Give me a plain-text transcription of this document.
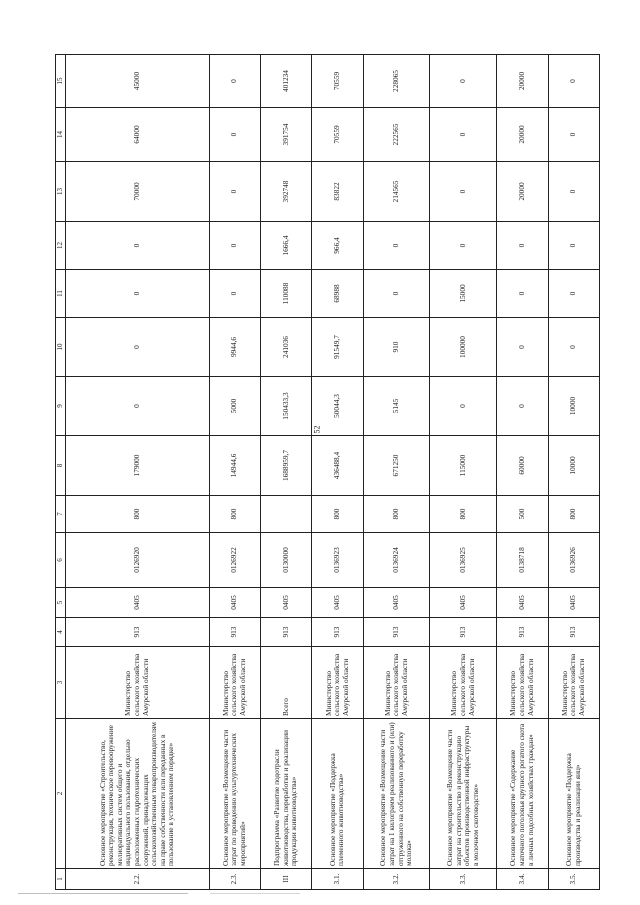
52
1	2	3	4	5	6	7	8	9	10	11	12	13	14	15
2.2.	Основное мероприятие «Строительство, реконструкция, техническое перевооружение мелиоративных систем общего и индивидуального пользования, отдельно расположенных гидротехнических сооружений, принадлежащих сельскохозяйственным товаропроизводителям на праве собственности или переданных в пользование в установленном порядке»	Министерство сельского хозяйства Амурской области	913	0405	0126920	800	179000	0	0	0	0	70000	64000	45000
2.3.	Основное мероприятие «Возмещение части затрат по проведению культуртехнических мероприятий»	Министерство сельского хозяйства Амурской области	913	0405	0126922	800	14944,6	5000	9944,6	0	0	0	0	0
III	Подпрограмма «Развитие подотрасли животноводства, переработки и реализации продукции животноводства»	Всего	913	0405	0130000		1688959,7	150433,3	241036	110088	1666,4	392748	391754	401234
3.1.	Основное мероприятие «Поддержка племенного животноводства»	Министерство сельского хозяйства Амурской области	913	0405	0136923	800	436488,4	50044,3	91549,7	68988	966,4	83822	70559	70559
3.2.	Основное мероприятие «Возмещение части затрат на 1 килограмм реализованного и (или) отгруженного на собственную переработку молока»	Министерство сельского хозяйства Амурской области	913	0405	0136924	800	671250	5145	910	0	0	214565	222565	228065
3.3.	Основное мероприятие «Возмещение части затрат на строительство и реконструкцию объектов производственной инфраструктуры в молочном скотоводстве»	Министерство сельского хозяйства Амурской области	913	0405	0136925	800	115000	0	100000	15000	0	0	0	0
3.4.	Основное мероприятие «Содержание маточного поголовья крупного рогатого скота в личных подсобных хозяйствах граждан»	Министерство сельского хозяйства Амурской области	913	0405	0138718	500	60000	0	0	0	0	20000	20000	20000
3.5.	Основное мероприятие «Поддержка производства и реализации яиц»	Министерство сельского хозяйства Амурской области	913	0405	0136926	800	10000	10000	0	0	0	0	0	0
